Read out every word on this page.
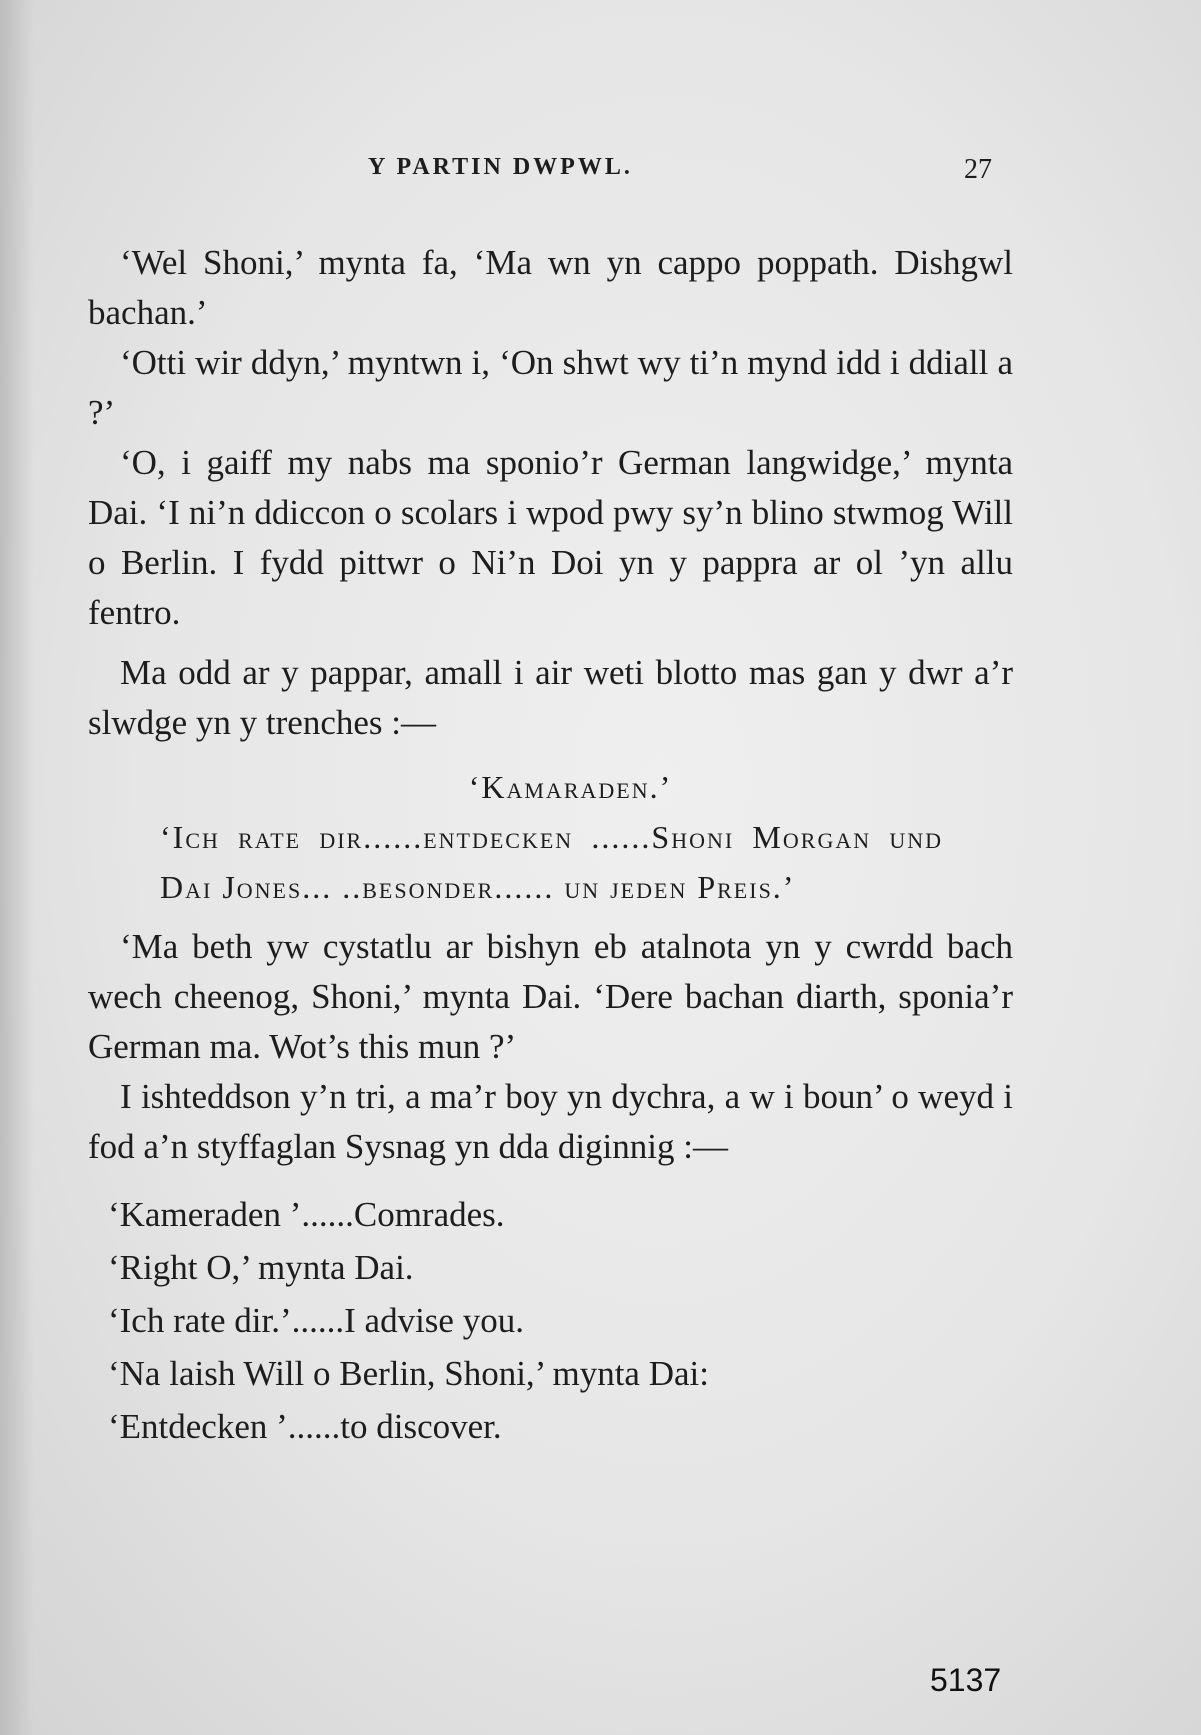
Y PARTIN DWPWL.	27

‘Wel Shoni,’ mynta fa, ‘Ma wn yn cappo poppath. Dishgwl bachan.’

‘Otti wir ddyn,’ myntwn i, ‘On shwt wy ti’n mynd idd i ddiall a ?’

‘O, i gaiff my nabs ma sponio’r German langwidge,’ mynta Dai. ‘I ni’n ddiccon o scolars i wpod pwy sy’n blino stwmog Will o Berlin. I fydd pittwr o Ni’n Doi yn y pappra ar ol ’yn allu fentro.

Ma odd ar y pappar, amall i air weti blotto mas gan y dwr a’r slwdge yn y trenches :—

‘Kamaraden.’

‘Ich rate dir......entdecken ......Shoni Morgan und Dai Jones... ..besonder...... un jeden Preis.’

‘Ma beth yw cystatlu ar bishyn eb atalnota yn y cwrdd bach wech cheenog, Shoni,’ mynta Dai. ‘Dere bachan diarth, sponia’r German ma. Wot’s this mun ?’

I ishteddson y’n tri, a ma’r boy yn dychra, a w i boun’ o weyd i fod a’n styffaglan Sysnag yn dda diginnig :—

‘Kameraden ’......Comrades.
‘Right O,’ mynta Dai.
‘Ich rate dir.’......I advise you.
‘Na laish Will o Berlin, Shoni,’ mynta Dai:
‘Entdecken ’......to discover.
5137
